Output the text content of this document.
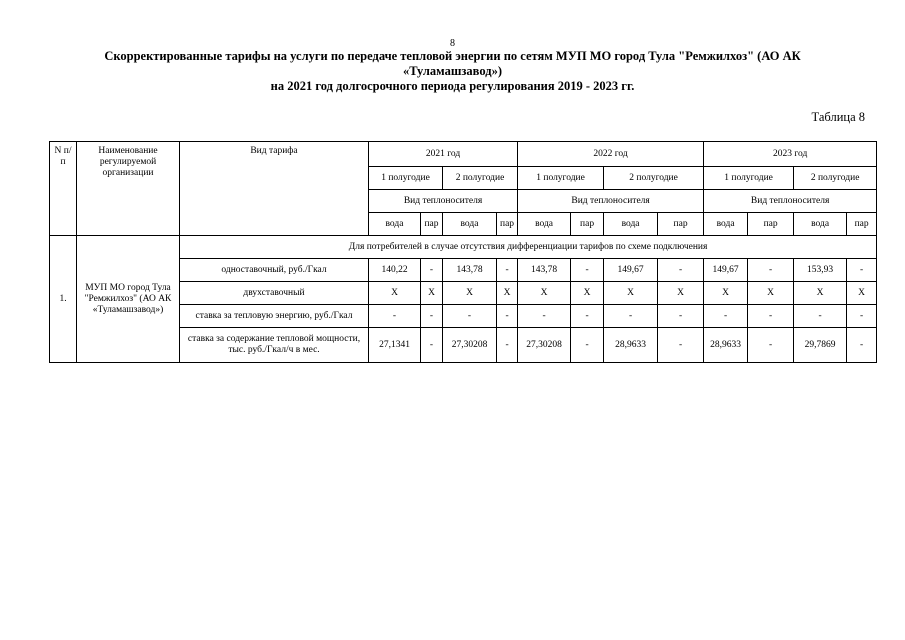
8
Скорректированные тарифы на услуги по передаче тепловой энергии по сетям МУП МО город Тула "Ремжилхоз" (АО АК
«Туламашзавод»)
на 2021 год долгосрочного периода регулирования 2019 - 2023 гг.
Таблица 8
N п/п	Наименование регулируемой организации	Вид тарифа	2021 год				2022 год				2023 год			
			1 полугодие		2 полугодие		1 полугодие		2 полугодие		1 полугодие		2 полугодие	
			Вид теплоносителя				Вид теплоносителя				Вид теплоносителя			
			вода	пар	вода	пар	вода	пар	вода	пар	вода	пар	вода	пар
1.	МУП МО город Тула "Ремжилхоз" (АО АК «Туламашзавод»)	Для потребителей в случае отсутствия дифференциации тарифов по схеме подключения												
		одноставочный, руб./Гкал	140,22	-	143,78	-	143,78	-	149,67	-	149,67	-	153,93	-
		двухставочный	X	X	X	X	X	X	X	X	X	X	X	X
		ставка за тепловую энергию, руб./Гкал	-	-	-	-	-	-	-	-	-	-	-	-
		ставка за содержание тепловой мощности, тыс. руб./Гкал/ч в мес.	27,1341	-	27,30208	-	27,30208	-	28,9633	-	28,9633	-	29,7869	-
